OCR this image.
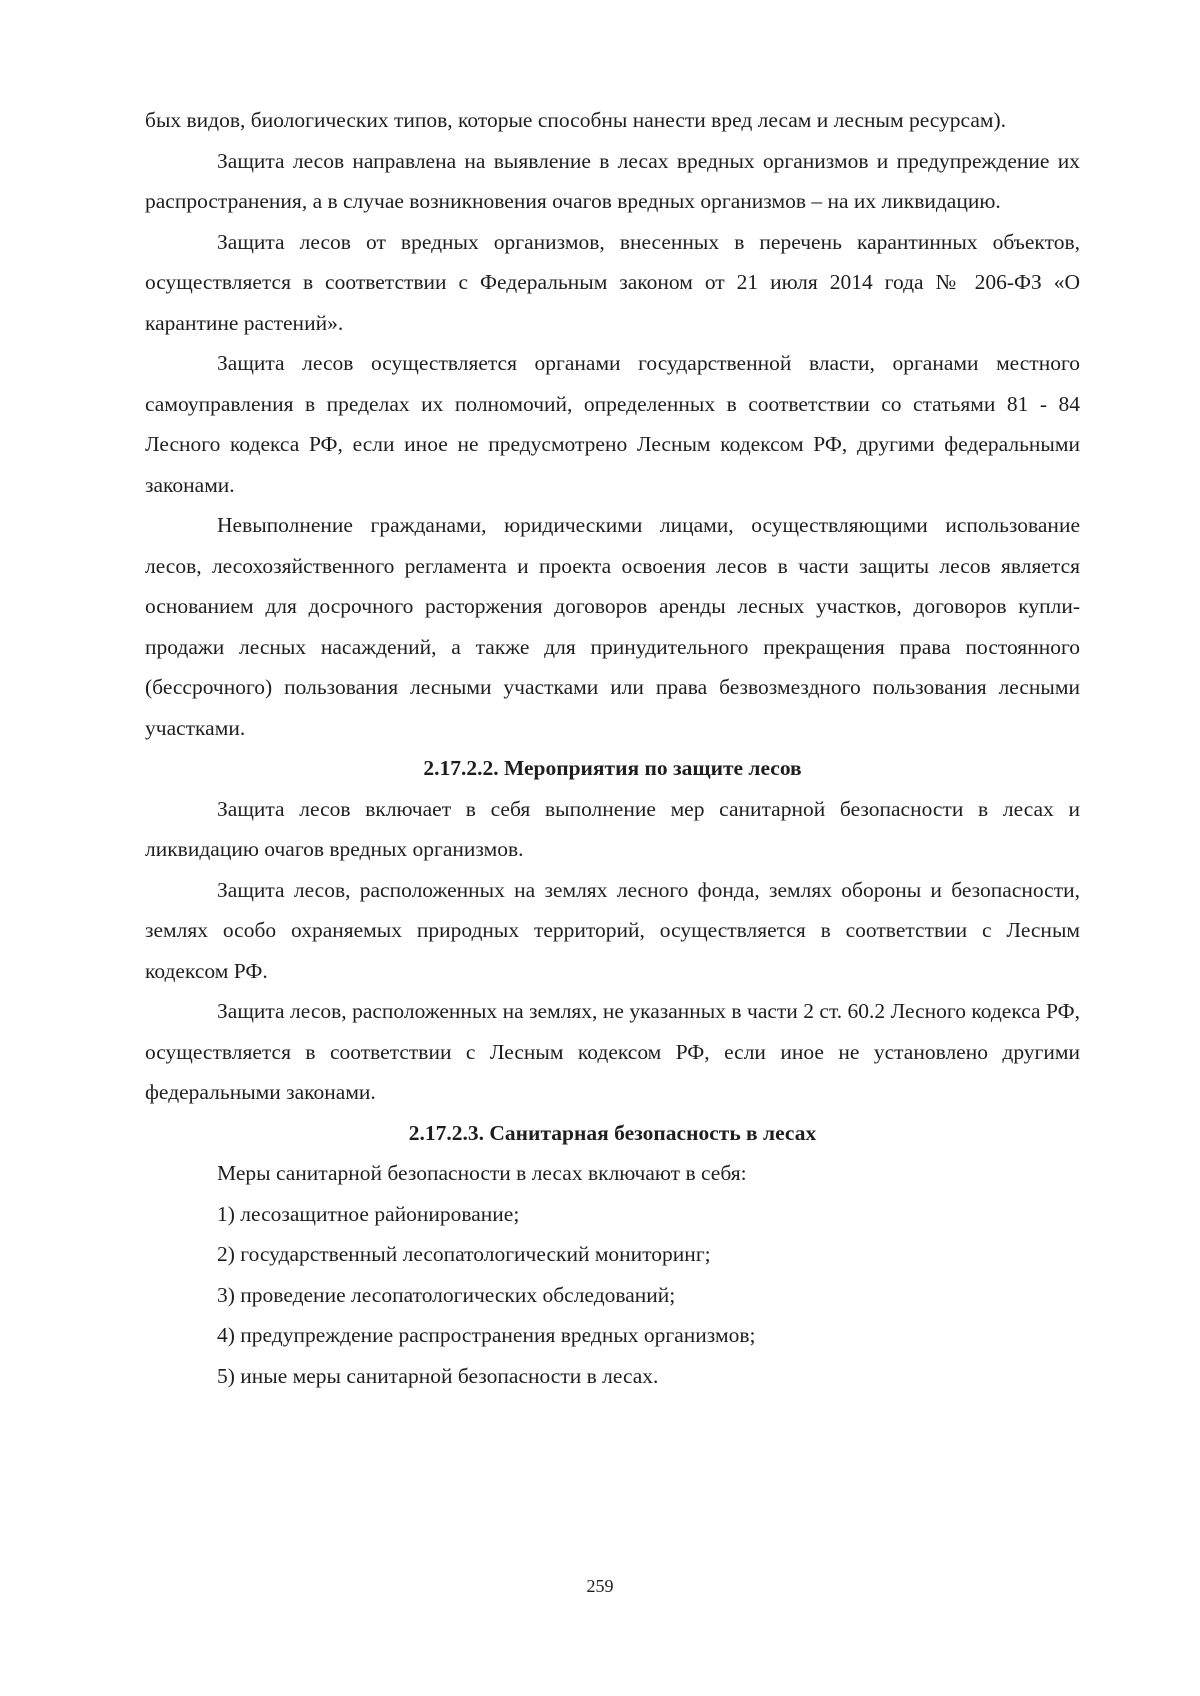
бых видов, биологических типов, которые способны нанести вред лесам и лесным ресурсам).

Защита лесов направлена на выявление в лесах вредных организмов и предупреждение их распространения, а в случае возникновения очагов вредных организмов – на их ликвидацию.

Защита лесов от вредных организмов, внесенных в перечень карантинных объектов, осуществляется в соответствии с Федеральным законом от 21 июля 2014 года № 206-ФЗ «О карантине растений».

Защита лесов осуществляется органами государственной власти, органами местного самоуправления в пределах их полномочий, определенных в соответствии со статьями 81 - 84 Лесного кодекса РФ, если иное не предусмотрено Лесным кодексом РФ, другими федеральными законами.

Невыполнение гражданами, юридическими лицами, осуществляющими использование лесов, лесохозяйственного регламента и проекта освоения лесов в части защиты лесов является основанием для досрочного расторжения договоров аренды лесных участков, договоров купли-продажи лесных насаждений, а также для принудительного прекращения права постоянного (бессрочного) пользования лесными участками или права безвозмездного пользования лесными участками.

2.17.2.2. Мероприятия по защите лесов

Защита лесов включает в себя выполнение мер санитарной безопасности в лесах и ликвидацию очагов вредных организмов.

Защита лесов, расположенных на землях лесного фонда, землях обороны и безопасности, землях особо охраняемых природных территорий, осуществляется в соответствии с Лесным кодексом РФ.

Защита лесов, расположенных на землях, не указанных в части 2 ст. 60.2 Лесного кодекса РФ, осуществляется в соответствии с Лесным кодексом РФ, если иное не установлено другими федеральными законами.

2.17.2.3. Санитарная безопасность в лесах

Меры санитарной безопасности в лесах включают в себя:

1) лесозащитное районирование;

2) государственный лесопатологический мониторинг;

3) проведение лесопатологических обследований;

4) предупреждение распространения вредных организмов;

5) иные меры санитарной безопасности в лесах.

259
